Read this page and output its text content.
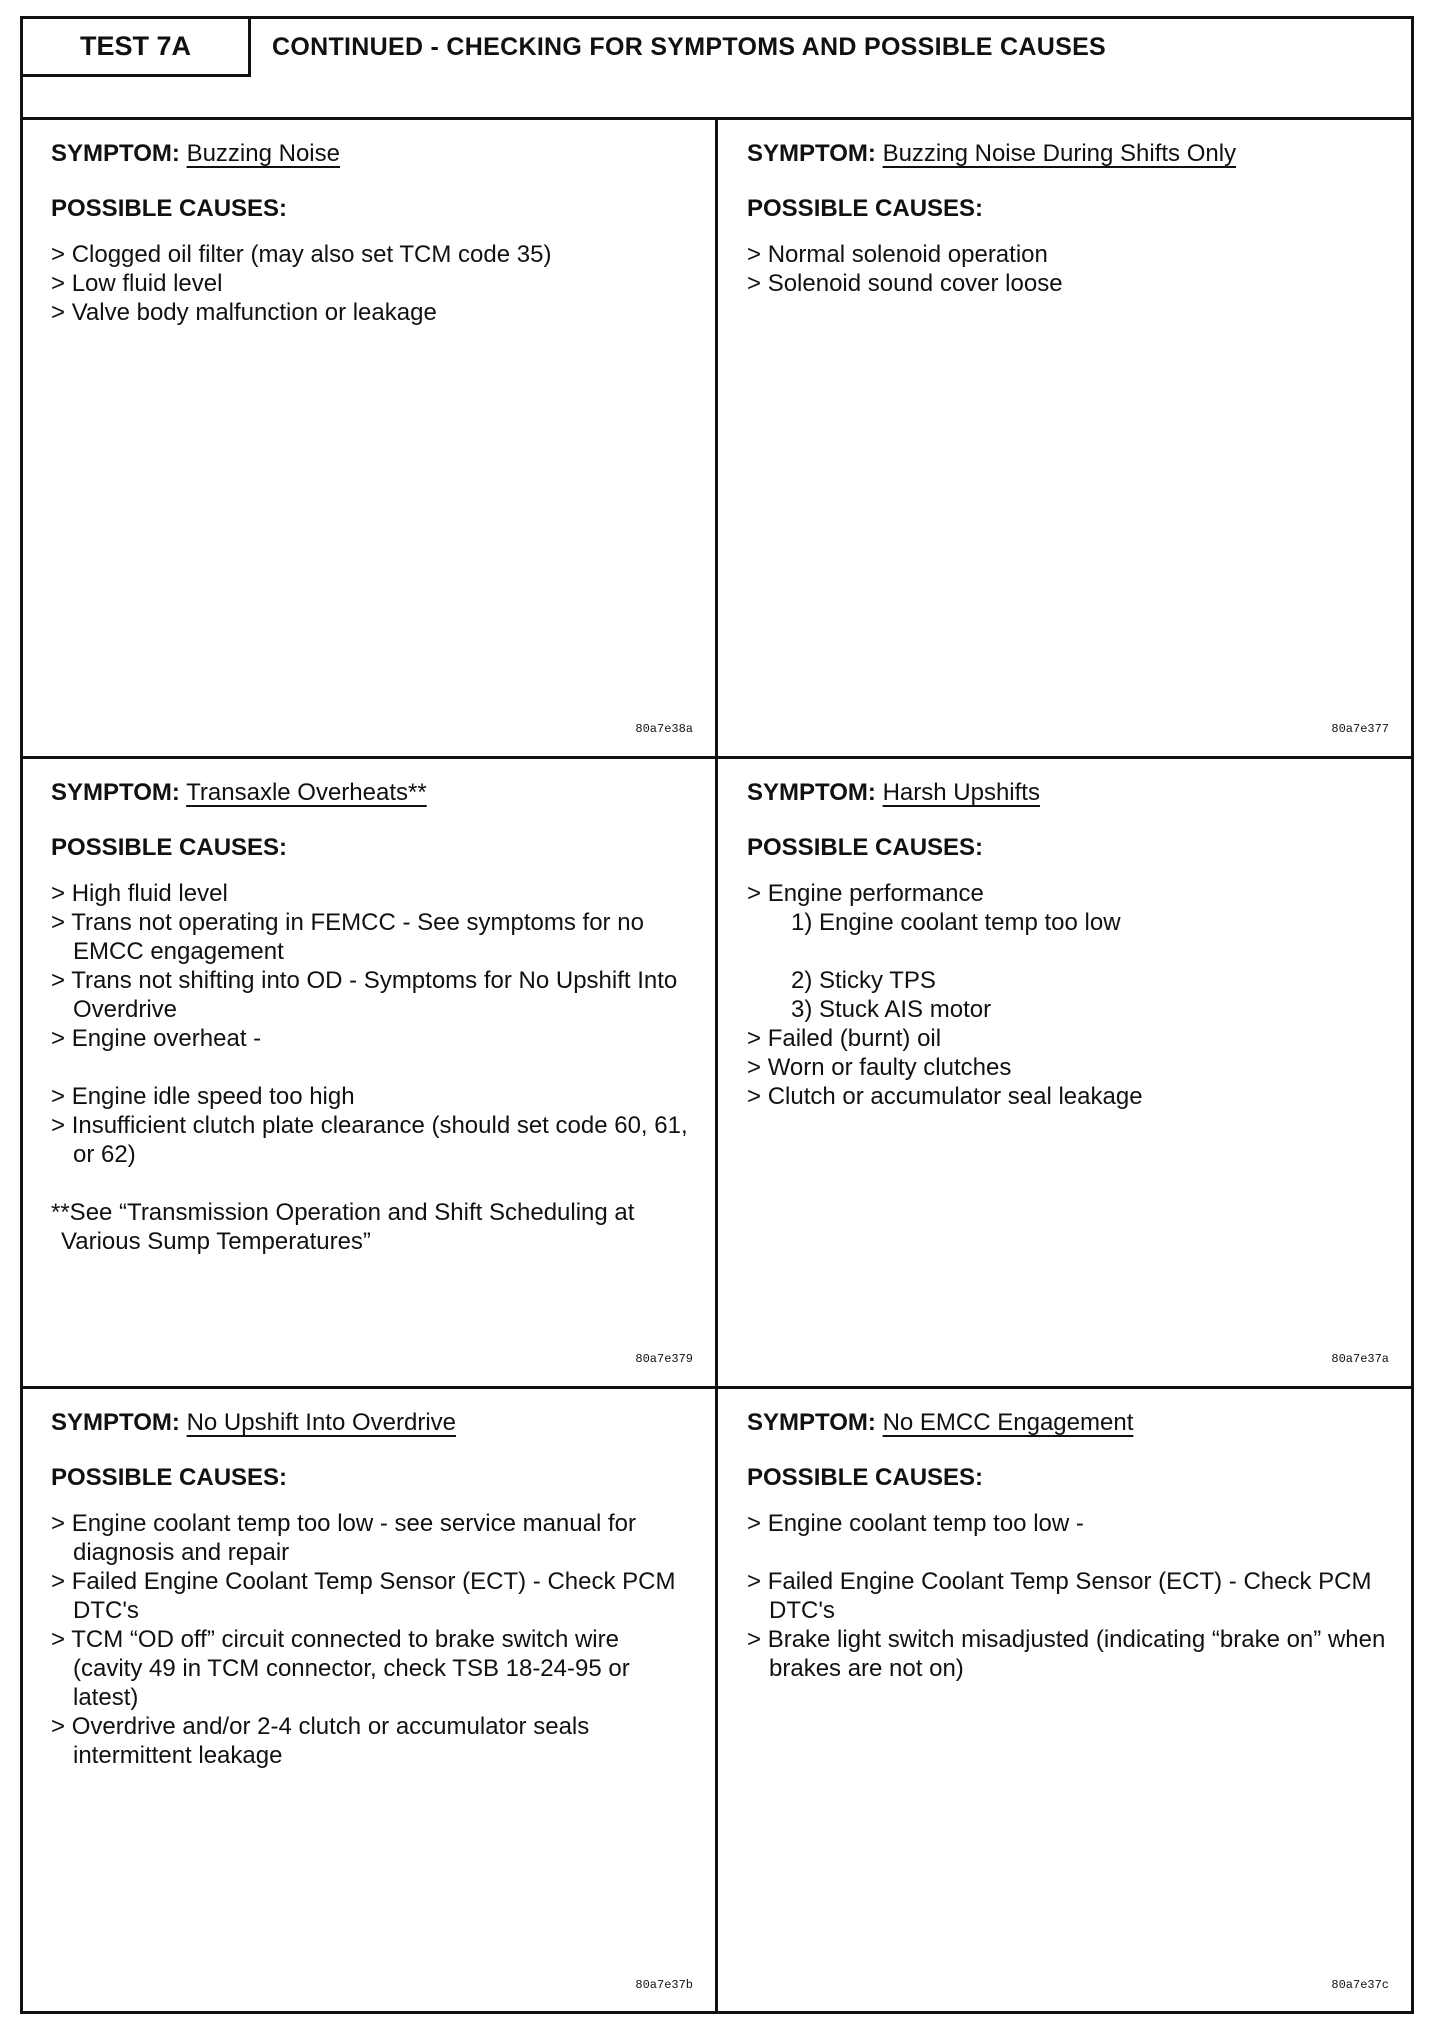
TEST 7A	CONTINUED - CHECKING FOR SYMPTOMS AND POSSIBLE CAUSES
SYMPTOM: Buzzing Noise
POSSIBLE CAUSES:
> Clogged oil filter (may also set TCM code 35)
> Low fluid level
> Valve body malfunction or leakage
80a7e38a
SYMPTOM: Buzzing Noise During Shifts Only
POSSIBLE CAUSES:
> Normal solenoid operation
> Solenoid sound cover loose
80a7e377
SYMPTOM: Transaxle Overheats**
POSSIBLE CAUSES:
> High fluid level
> Trans not operating in FEMCC - See symptoms for no EMCC engagement
> Trans not shifting into OD - Symptoms for No Upshift Into Overdrive
> Engine overheat -
> Engine idle speed too high
> Insufficient clutch plate clearance (should set code 60, 61, or 62)
**See “Transmission Operation and Shift Scheduling at Various Sump Temperatures”
80a7e379
SYMPTOM: Harsh Upshifts
POSSIBLE CAUSES:
> Engine performance
1) Engine coolant temp too low
2) Sticky TPS
3) Stuck AIS motor
> Failed (burnt) oil
> Worn or faulty clutches
> Clutch or accumulator seal leakage
80a7e37a
SYMPTOM: No Upshift Into Overdrive
POSSIBLE CAUSES:
> Engine coolant temp too low - see service manual for diagnosis and repair
> Failed Engine Coolant Temp Sensor (ECT) - Check PCM DTC's
> TCM “OD off” circuit connected to brake switch wire (cavity 49 in TCM connector, check TSB 18-24-95 or latest)
> Overdrive and/or 2-4 clutch or accumulator seals intermittent leakage
80a7e37b
SYMPTOM: No EMCC Engagement
POSSIBLE CAUSES:
> Engine coolant temp too low -
> Failed Engine Coolant Temp Sensor (ECT) - Check PCM DTC's
> Brake light switch misadjusted (indicating “brake on” when brakes are not on)
80a7e37c
